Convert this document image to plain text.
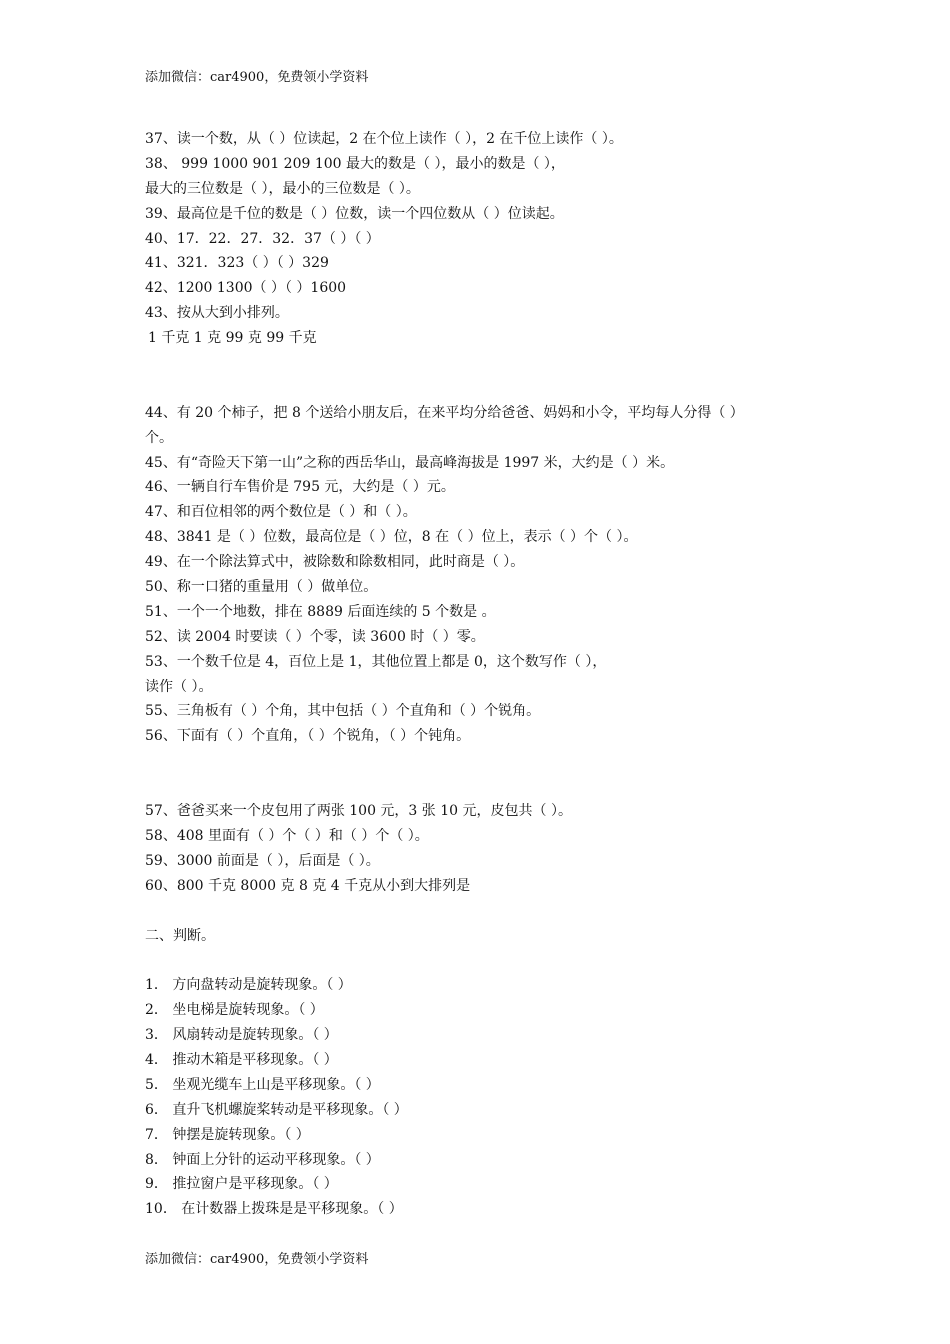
添加微信：car4900，免费领小学资料
37、读一个数，从（ ）位读起，2 在个位上读作（ ），2 在千位上读作（ ）。
38、 999 1000 901 209 100 最大的数是（ ），最小的数是（ ），
最大的三位数是（ ），最小的三位数是（ ）。
39、最高位是千位的数是（ ）位数，读一个四位数从（ ）位读起。
40、17．22．27．32．37（ ）（ ）
41、321．323（ ）（ ）329
42、1200 1300（ ）（ ）1600
43、按从大到小排列。
1 千克 1 克 99 克 99 千克
44、有 20 个柿子，把 8 个送给小朋友后，在来平均分给爸爸、妈妈和小令，平均每人分得（ ）
个。
45、有“奇险天下第一山”之称的西岳华山，最高峰海拔是 1997 米，大约是（ ）米。
46、一辆自行车售价是 795 元，大约是（ ）元。
47、和百位相邻的两个数位是（ ）和（ ）。
48、3841 是（ ）位数，最高位是（ ）位，8 在（ ）位上，表示（ ）个（ ）。
49、在一个除法算式中，被除数和除数相同，此时商是（ ）。
50、称一口猪的重量用（ ）做单位。
51、一个一个地数，排在 8889 后面连续的 5 个数是 。
52、读 2004 时要读（ ）个零，读 3600 时（ ）零。
53、一个数千位是 4，百位上是 1，其他位置上都是 0，这个数写作（ ），
读作（ ）。
55、三角板有（ ）个角，其中包括（ ）个直角和（ ）个锐角。
56、下面有（ ）个直角，（ ）个锐角，（ ）个钝角。
57、爸爸买来一个皮包用了两张 100 元，3 张 10 元，皮包共（ ）。
58、408 里面有（ ）个（ ）和（ ）个（ ）。
59、3000 前面是（ ），后面是（ ）。
60、800 千克 8000 克 8 克 4 千克从小到大排列是
二、判断。
1． 方向盘转动是旋转现象。（ ）
2． 坐电梯是旋转现象。（ ）
3． 风扇转动是旋转现象。（ ）
4． 推动木箱是平移现象。（ ）
5． 坐观光缆车上山是平移现象。（ ）
6． 直升飞机螺旋桨转动是平移现象。（ ）
7． 钟摆是旋转现象。（ ）
8． 钟面上分针的运动平移现象。（ ）
9． 推拉窗户是平移现象。（ ）
10． 在计数器上拨珠是是平移现象。（ ）
添加微信：car4900，免费领小学资料
